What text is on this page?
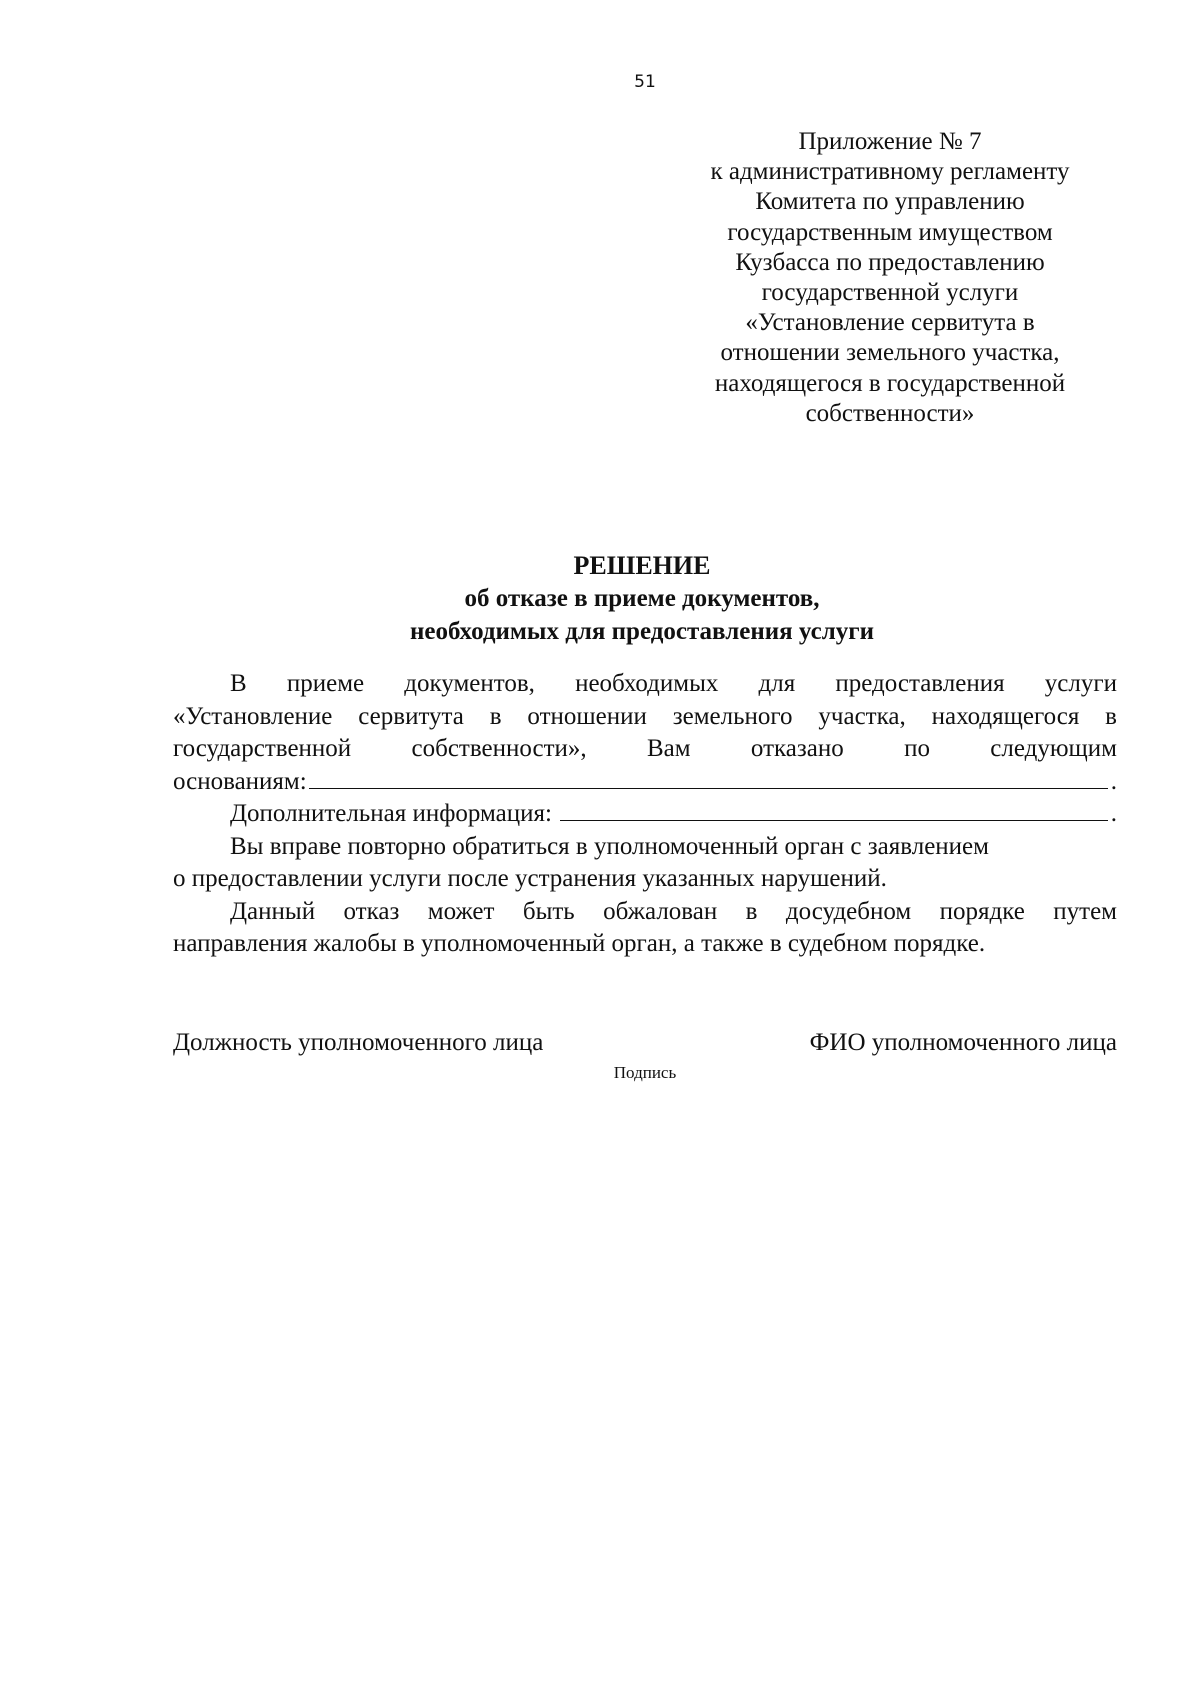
51
Приложение № 7
к административному регламенту
Комитета по управлению
государственным имуществом
Кузбасса по предоставлению
государственной услуги
«Установление сервитута в
отношении земельного участка,
находящегося в государственной
собственности»
РЕШЕНИЕ
об отказе в приеме документов,
необходимых для предоставления услуги
В приеме документов, необходимых для предоставления услуги
«Установление сервитута в отношении земельного участка, находящегося в
государственной собственности», Вам отказано по следующим
основаниям:	.
Дополнительная информация:	.
Вы вправе повторно обратиться в уполномоченный орган с заявлением
о предоставлении услуги после устранения указанных нарушений.
Данный отказ может быть обжалован в досудебном порядке путем
направления жалобы в уполномоченный орган, а также в судебном порядке.
Должность уполномоченного лица	ФИО уполномоченного лица
Подпись
